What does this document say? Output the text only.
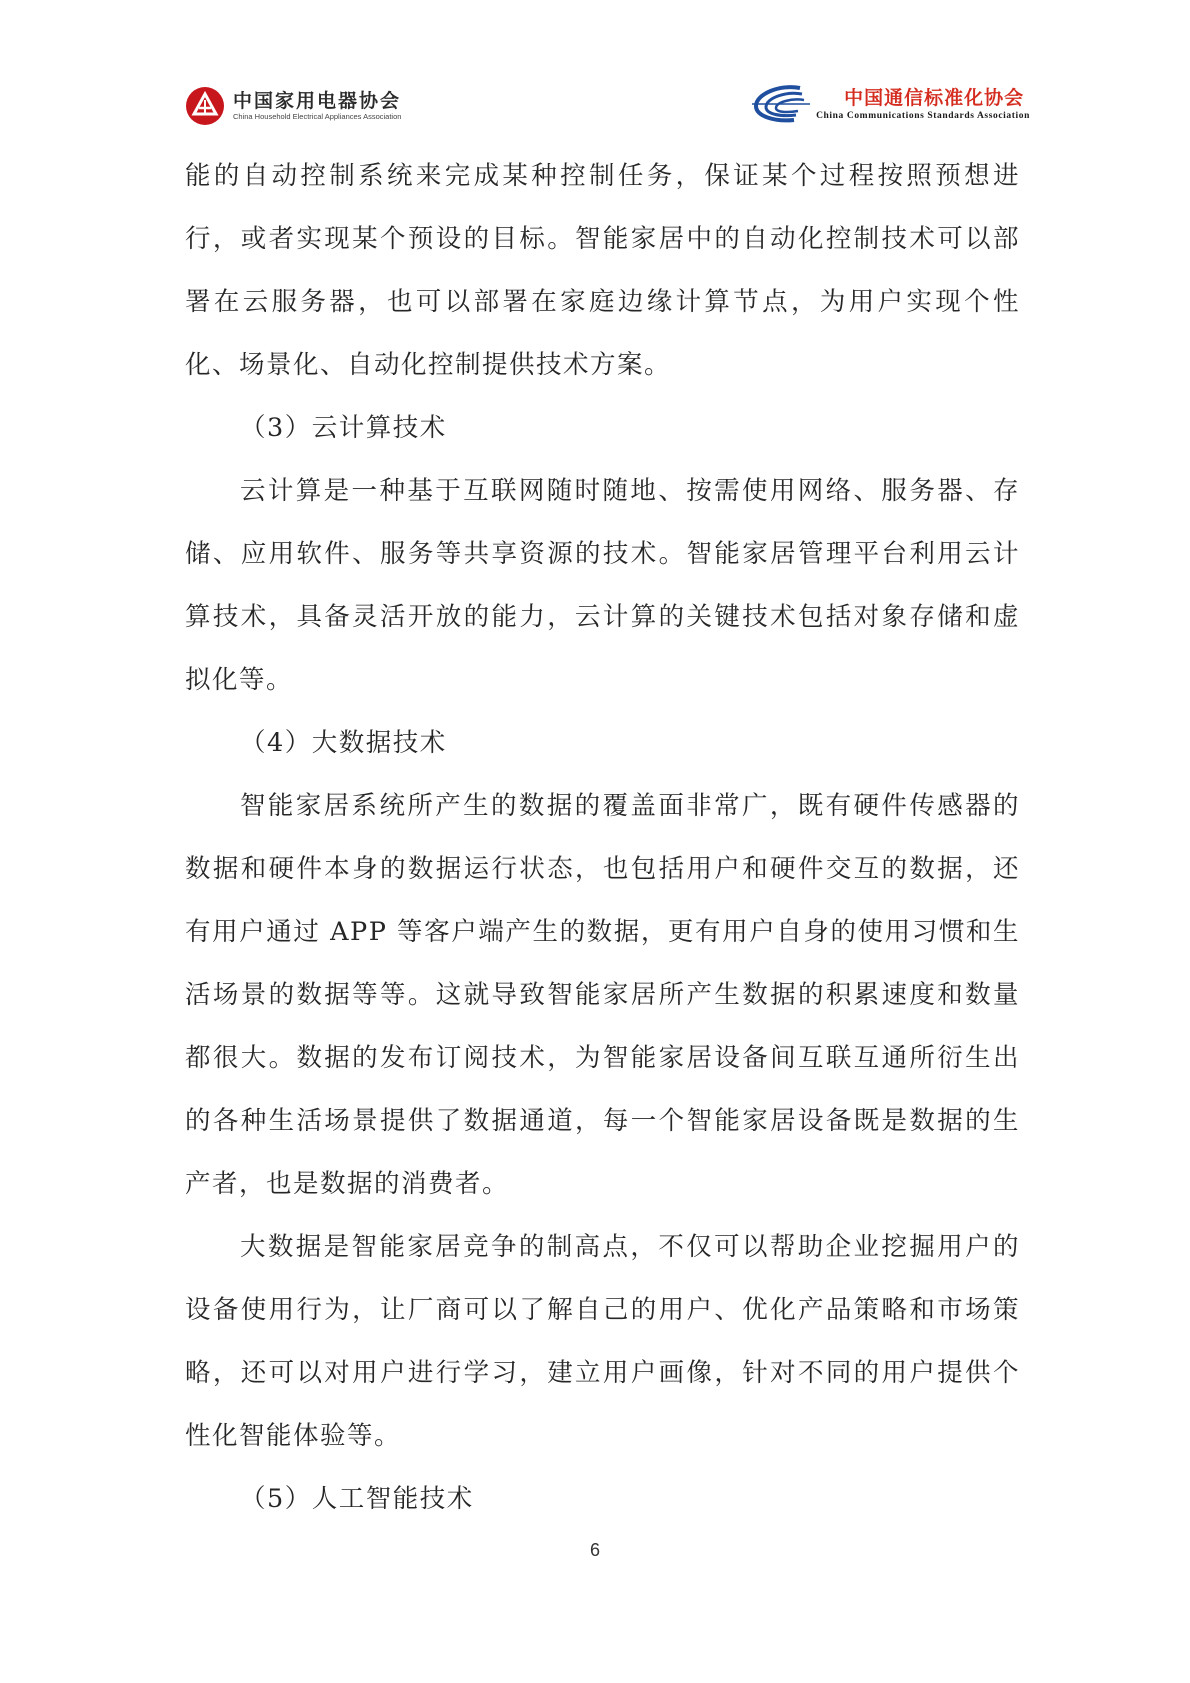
中国家用电器协会
China Household Electrical Appliances Association
中国通信标准化协会
China Communications Standards Association

能的自动控制系统来完成某种控制任务，保证某个过程按照预想进行，或者实现某个预设的目标。智能家居中的自动化控制技术可以部署在云服务器，也可以部署在家庭边缘计算节点，为用户实现个性化、场景化、自动化控制提供技术方案。

（3）云计算技术

云计算是一种基于互联网随时随地、按需使用网络、服务器、存储、应用软件、服务等共享资源的技术。智能家居管理平台利用云计算技术，具备灵活开放的能力，云计算的关键技术包括对象存储和虚拟化等。

（4）大数据技术

智能家居系统所产生的数据的覆盖面非常广，既有硬件传感器的数据和硬件本身的数据运行状态，也包括用户和硬件交互的数据，还有用户通过 APP 等客户端产生的数据，更有用户自身的使用习惯和生活场景的数据等等。这就导致智能家居所产生数据的积累速度和数量都很大。数据的发布订阅技术，为智能家居设备间互联互通所衍生出的各种生活场景提供了数据通道，每一个智能家居设备既是数据的生产者，也是数据的消费者。

大数据是智能家居竞争的制高点，不仅可以帮助企业挖掘用户的设备使用行为，让厂商可以了解自己的用户、优化产品策略和市场策略，还可以对用户进行学习，建立用户画像，针对不同的用户提供个性化智能体验等。

（5）人工智能技术

6
